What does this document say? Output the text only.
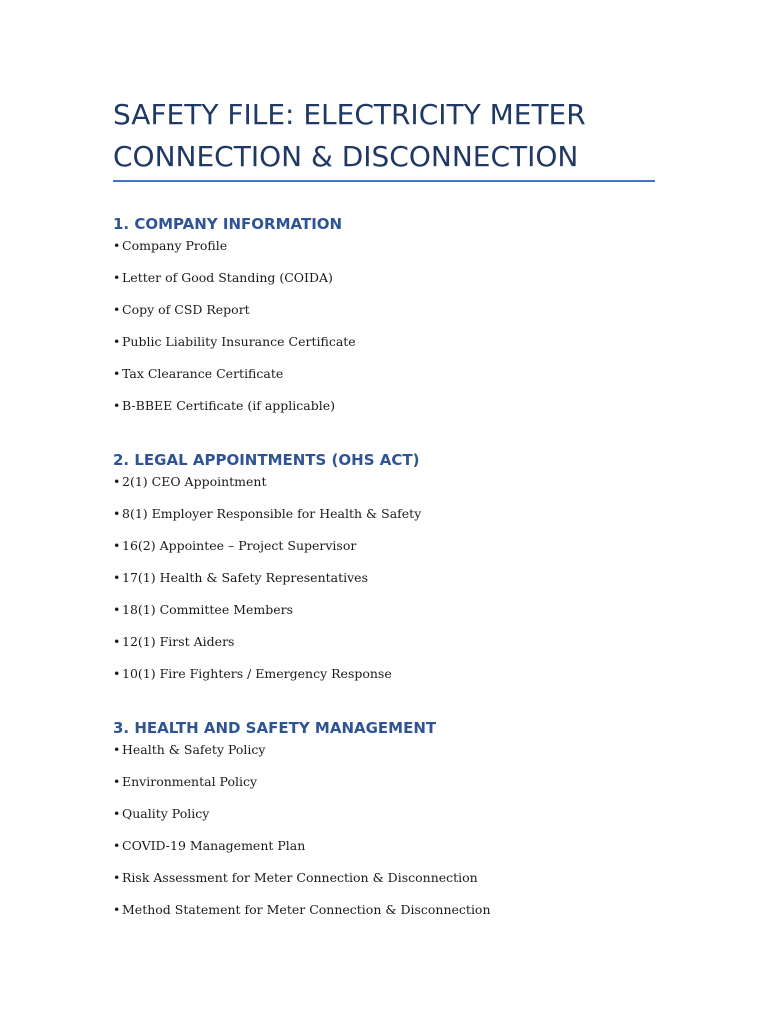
SAFETY FILE: ELECTRICITY METER
CONNECTION & DISCONNECTION
1. COMPANY INFORMATION
• Company Profile
• Letter of Good Standing (COIDA)
• Copy of CSD Report
• Public Liability Insurance Certificate
• Tax Clearance Certificate
• B-BBEE Certificate (if applicable)
2. LEGAL APPOINTMENTS (OHS ACT)
• 2(1) CEO Appointment
• 8(1) Employer Responsible for Health & Safety
• 16(2) Appointee – Project Supervisor
• 17(1) Health & Safety Representatives
• 18(1) Committee Members
• 12(1) First Aiders
• 10(1) Fire Fighters / Emergency Response
3. HEALTH AND SAFETY MANAGEMENT
• Health & Safety Policy
• Environmental Policy
• Quality Policy
• COVID-19 Management Plan
• Risk Assessment for Meter Connection & Disconnection
• Method Statement for Meter Connection & Disconnection
